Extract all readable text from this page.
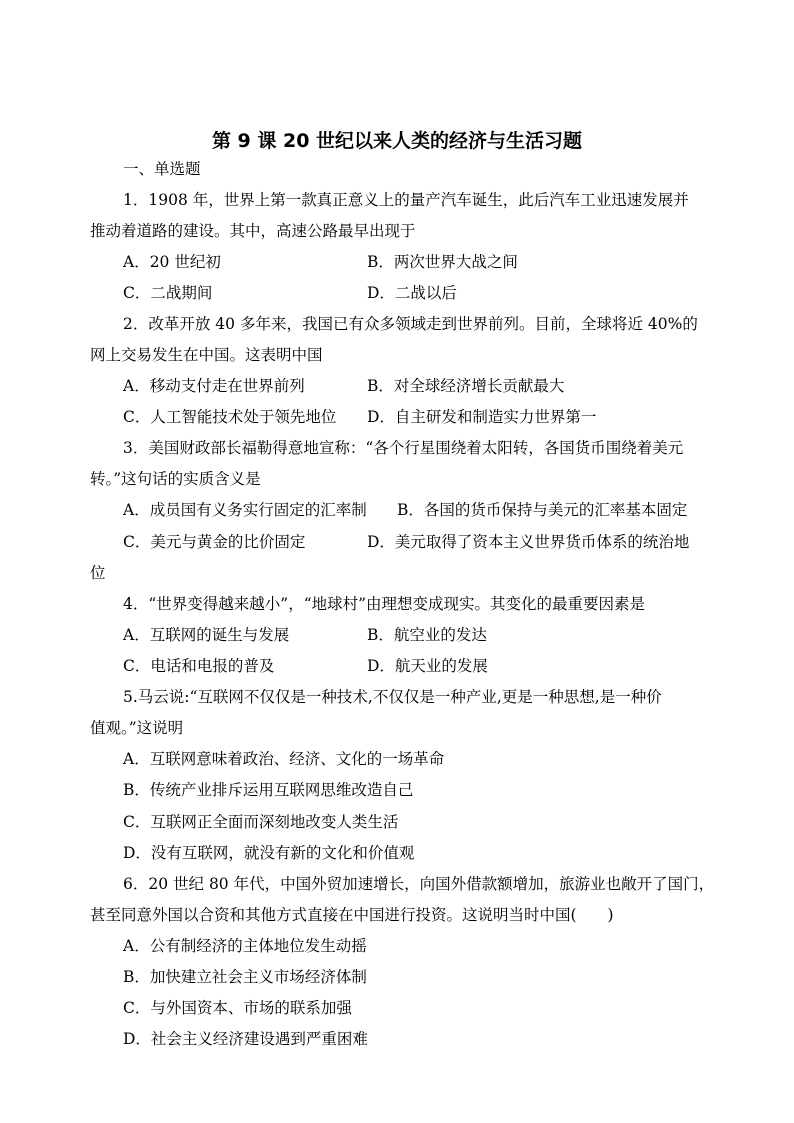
第 9 课 20 世纪以来人类的经济与生活习题
一、单选题
1．1908 年，世界上第一款真正意义上的量产汽车诞生，此后汽车工业迅速发展并
推动着道路的建设。其中，高速公路最早出现于
A．20 世纪初	B．两次世界大战之间
C．二战期间	D．二战以后
2．改革开放 40 多年来，我国已有众多领域走到世界前列。目前，全球将近 40%的
网上交易发生在中国。这表明中国
A．移动支付走在世界前列	B．对全球经济增长贡献最大
C．人工智能技术处于领先地位 D．自主研发和制造实力世界第一
3．美国财政部长福勒得意地宣称：“各个行星围绕着太阳转，各国货币围绕着美元
转。”这句话的实质含义是
A．成员国有义务实行固定的汇率制 B．各国的货币保持与美元的汇率基本固定
C．美元与黄金的比价固定	D．美元取得了资本主义世界货币体系的统治地
位
4．“世界变得越来越小”，“地球村”由理想变成现实。其变化的最重要因素是
A．互联网的诞生与发展	B．航空业的发达
C．电话和电报的普及	D．航天业的发展
5.马云说:“互联网不仅仅是一种技术,不仅仅是一种产业,更是一种思想,是一种价
值观。”这说明
A．互联网意味着政治、经济、文化的一场革命
B．传统产业排斥运用互联网思维改造自己
C．互联网正全面而深刻地改变人类生活
D．没有互联网，就没有新的文化和价值观
6．20 世纪 80 年代，中国外贸加速增长，向国外借款额增加，旅游业也敞开了国门，
甚至同意外国以合资和其他方式直接在中国进行投资。这说明当时中国(　　)
A．公有制经济的主体地位发生动摇
B．加快建立社会主义市场经济体制
C．与外国资本、市场的联系加强
D．社会主义经济建设遇到严重困难
